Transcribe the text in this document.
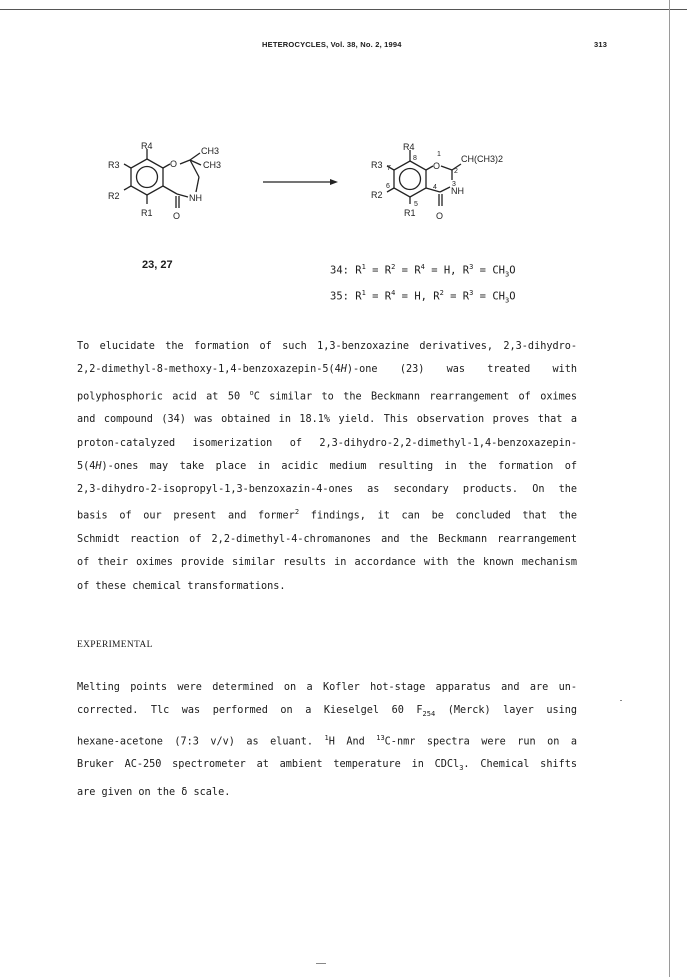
HETEROCYCLES, Vol. 38, No. 2, 1994	313
R4
R3
R2
R1
O
CH3
CH3
NH
O
R4
R3
R2
R1
1
O
2
CH(CH3)2
3
NH
4
5
6
7
8
O
23, 27	34: $R^1 = R^2 = R^4 = H$, $R^3 = CH_3O$
35: $R^1 = R^4 = H$, $R^2 = R^3 = CH_3O$

To elucidate the formation of such 1,3-benzoxazine derivatives, 2,3-dihydro-

2,2-dimethyl-8-methoxy-1,4-benzoxazepin-5(4H)-one (23) was treated with

polyphosphoric acid at 50 $^o$C similar to the Beckmann rearrangement of oximes

and compound (34) was obtained in 18.1% yield. This observation proves that a

proton-catalyzed isomerization of 2,3-dihydro-2,2-dimethyl-1,4-benzoxazepin-

5(4H)-ones may take place in acidic medium resulting in the formation of

2,3-dihydro-2-isopropyl-1,3-benzoxazin-4-ones as secondary products. On the

basis of our present and former$^2$ findings, it can be concluded that the

Schmidt reaction of 2,2-dimethyl-4-chromanones and the Beckmann rearrangement

of their oximes provide similar results in accordance with the known mechanism

of these chemical transformations.

EXPERIMENTAL

Melting points were determined on a Kofler hot-stage apparatus and are un-

corrected. Tlc was performed on a Kieselgel 60 $F_{254}$ (Merck) layer using

hexane-acetone (7:3 v/v) as eluant. $^1$H And $^{13}$C-nmr spectra were run on a

Bruker AC-250 spectrometer at ambient temperature in CDCl$_3$. Chemical shifts

are given on the δ scale.
